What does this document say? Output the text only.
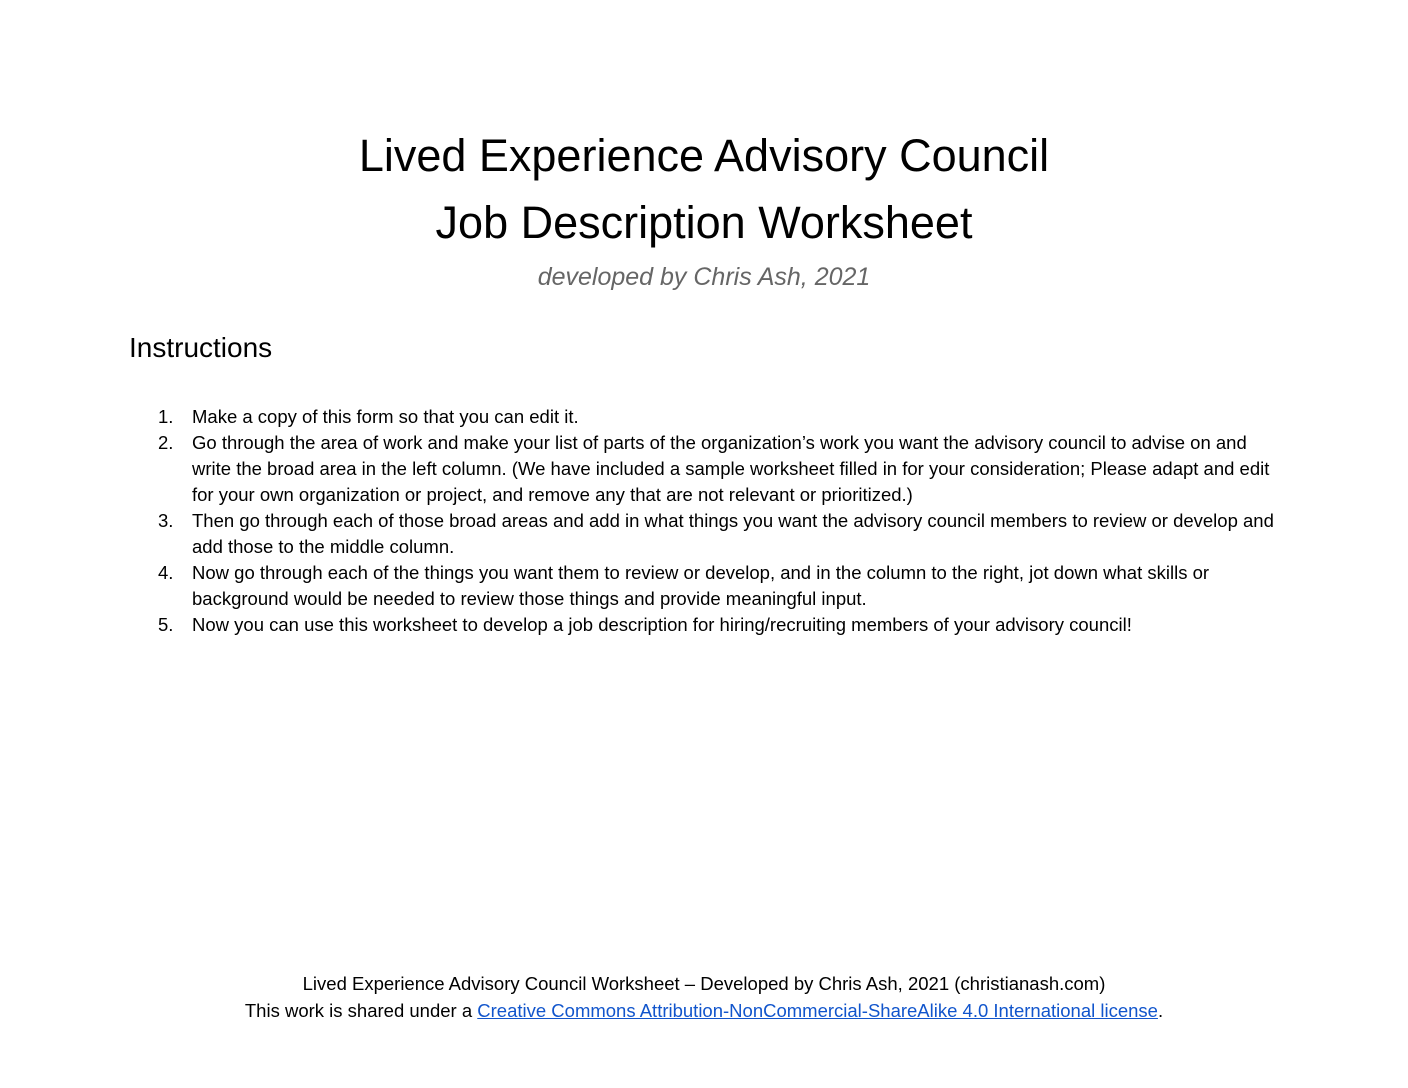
Lived Experience Advisory Council
Job Description Worksheet
developed by Chris Ash, 2021
Instructions
1. Make a copy of this form so that you can edit it.
2. Go through the area of work and make your list of parts of the organization’s work you want the advisory council to advise on and write the broad area in the left column. (We have included a sample worksheet filled in for your consideration; Please adapt and edit for your own organization or project, and remove any that are not relevant or prioritized.)
3. Then go through each of those broad areas and add in what things you want the advisory council members to review or develop and add those to the middle column.
4. Now go through each of the things you want them to review or develop, and in the column to the right, jot down what skills or background would be needed to review those things and provide meaningful input.
5. Now you can use this worksheet to develop a job description for hiring/recruiting members of your advisory council!
Lived Experience Advisory Council Worksheet – Developed by Chris Ash, 2021 (christianash.com)
This work is shared under a Creative Commons Attribution-NonCommercial-ShareAlike 4.0 International license.
